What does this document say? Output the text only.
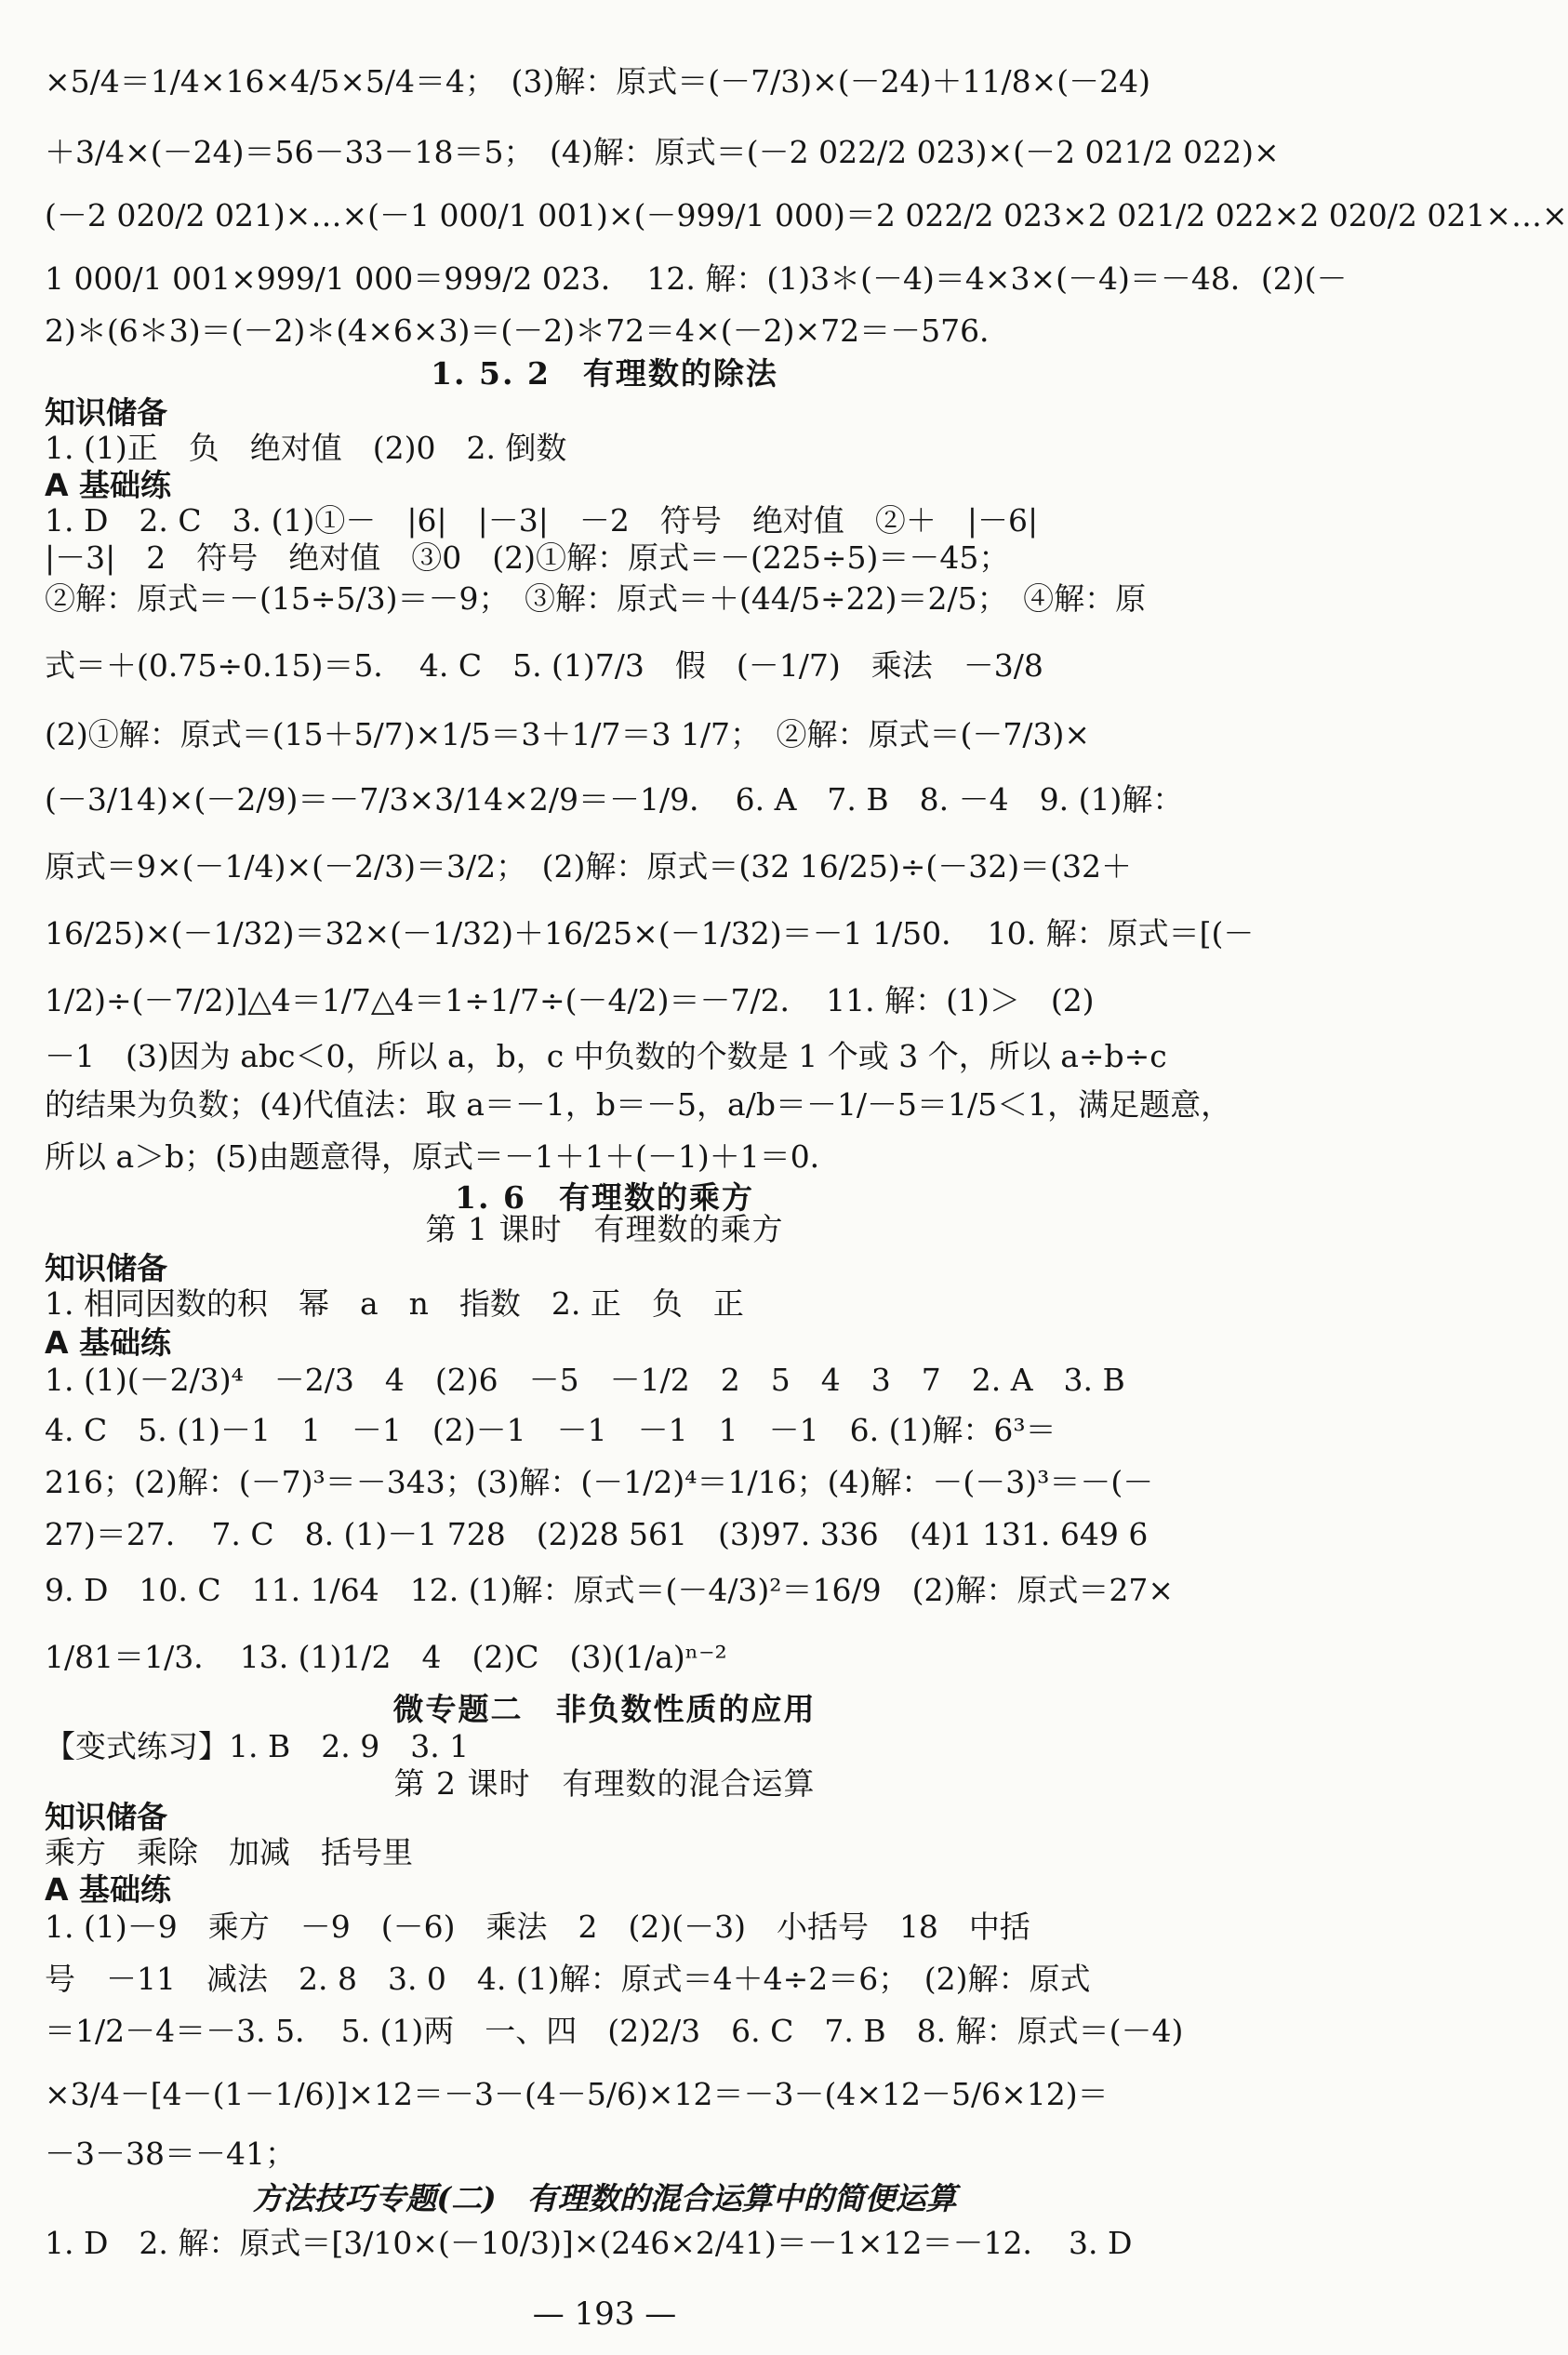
×5/4＝1/4×16×4/5×5/4＝4；　(3)解：原式＝(－7/3)×(－24)＋11/8×(－24)
＋3/4×(－24)＝56－33－18＝5；　(4)解：原式＝(－2 022/2 023)×(－2 021/2 022)×
(－2 020/2 021)×…×(－1 000/1 001)×(－999/1 000)＝2 022/2 023×2 021/2 022×2 020/2 021×…×
1 000/1 001×999/1 000＝999/2 023．　12. 解：(1)3＊(－4)＝4×3×(－4)＝－48．(2)(－
2)＊(6＊3)＝(－2)＊(4×6×3)＝(－2)＊72＝4×(－2)×72＝－576．
1. 5. 2　有理数的除法
知识储备
1. (1)正　负　绝对值　(2)0　2. 倒数
A 基础练
1. D　2. C　3. (1)①－　|6|　|－3|　－2　符号　绝对值　②＋　|－6|
|－3|　2　符号　绝对值　③0　(2)①解：原式＝－(225÷5)＝－45；
②解：原式＝－(15÷5/3)＝－9；　③解：原式＝＋(44/5÷22)＝2/5；　④解：原
式＝＋(0.75÷0.15)＝5．　4. C　5. (1)7/3　假　(－1/7)　乘法　－3/8
(2)①解：原式＝(15＋5/7)×1/5＝3＋1/7＝3 1/7；　②解：原式＝(－7/3)×
(－3/14)×(－2/9)＝－7/3×3/14×2/9＝－1/9．　6. A　7. B　8. －4　9. (1)解：
原式＝9×(－1/4)×(－2/3)＝3/2；　(2)解：原式＝(32 16/25)÷(－32)＝(32＋
16/25)×(－1/32)＝32×(－1/32)＋16/25×(－1/32)＝－1 1/50．　10. 解：原式＝[(－
1/2)÷(－7/2)]△4＝1/7△4＝1÷1/7÷(－4/2)＝－7/2．　11. 解：(1)＞　(2)
－1　(3)因为 abc＜0，所以 a，b，c 中负数的个数是 1 个或 3 个，所以 a÷b÷c
的结果为负数；(4)代值法：取 a＝－1，b＝－5，a/b＝－1/－5＝1/5＜1，满足题意，
所以 a＞b；(5)由题意得，原式＝－1＋1＋(－1)＋1＝0．
1. 6　有理数的乘方
第 1 课时　有理数的乘方
知识储备
1. 相同因数的积　幂　a　n　指数　2. 正　负　正
A 基础练
1. (1)(－2/3)⁴　－2/3　4　(2)6　－5　－1/2　2　5　4　3　7　2. A　3. B
4. C　5. (1)－1　1　－1　(2)－1　－1　－1　1　－1　6. (1)解：6³＝
216；(2)解：(－7)³＝－343；(3)解：(－1/2)⁴＝1/16；(4)解：－(－3)³＝－(－
27)＝27．　7. C　8. (1)－1 728　(2)28 561　(3)97. 336　(4)1 131. 649 6
9. D　10. C　11. 1/64　12. (1)解：原式＝(－4/3)²＝16/9　(2)解：原式＝27×
1/81＝1/3．　13. (1)1/2　4　(2)C　(3)(1/a)ⁿ⁻²
微专题二　非负数性质的应用
【变式练习】1. B　2. 9　3. 1
第 2 课时　有理数的混合运算
知识储备
乘方　乘除　加减　括号里
A 基础练
1. (1)－9　乘方　－9　(－6)　乘法　2　(2)(－3)　小括号　18　中括
号　－11　减法　2. 8　3. 0　4. (1)解：原式＝4＋4÷2＝6；　(2)解：原式
＝1/2－4＝－3. 5．　5. (1)两　一、四　(2)2/3　6. C　7. B　8. 解：原式＝(－4)
×3/4－[4－(1－1/6)]×12＝－3－(4－5/6)×12＝－3－(4×12－5/6×12)＝
－3－38＝－41；
方法技巧专题(二)　有理数的混合运算中的简便运算
1. D　2. 解：原式＝[3/10×(－10/3)]×(246×2/41)＝－1×12＝－12．　3. D
— 193 —
